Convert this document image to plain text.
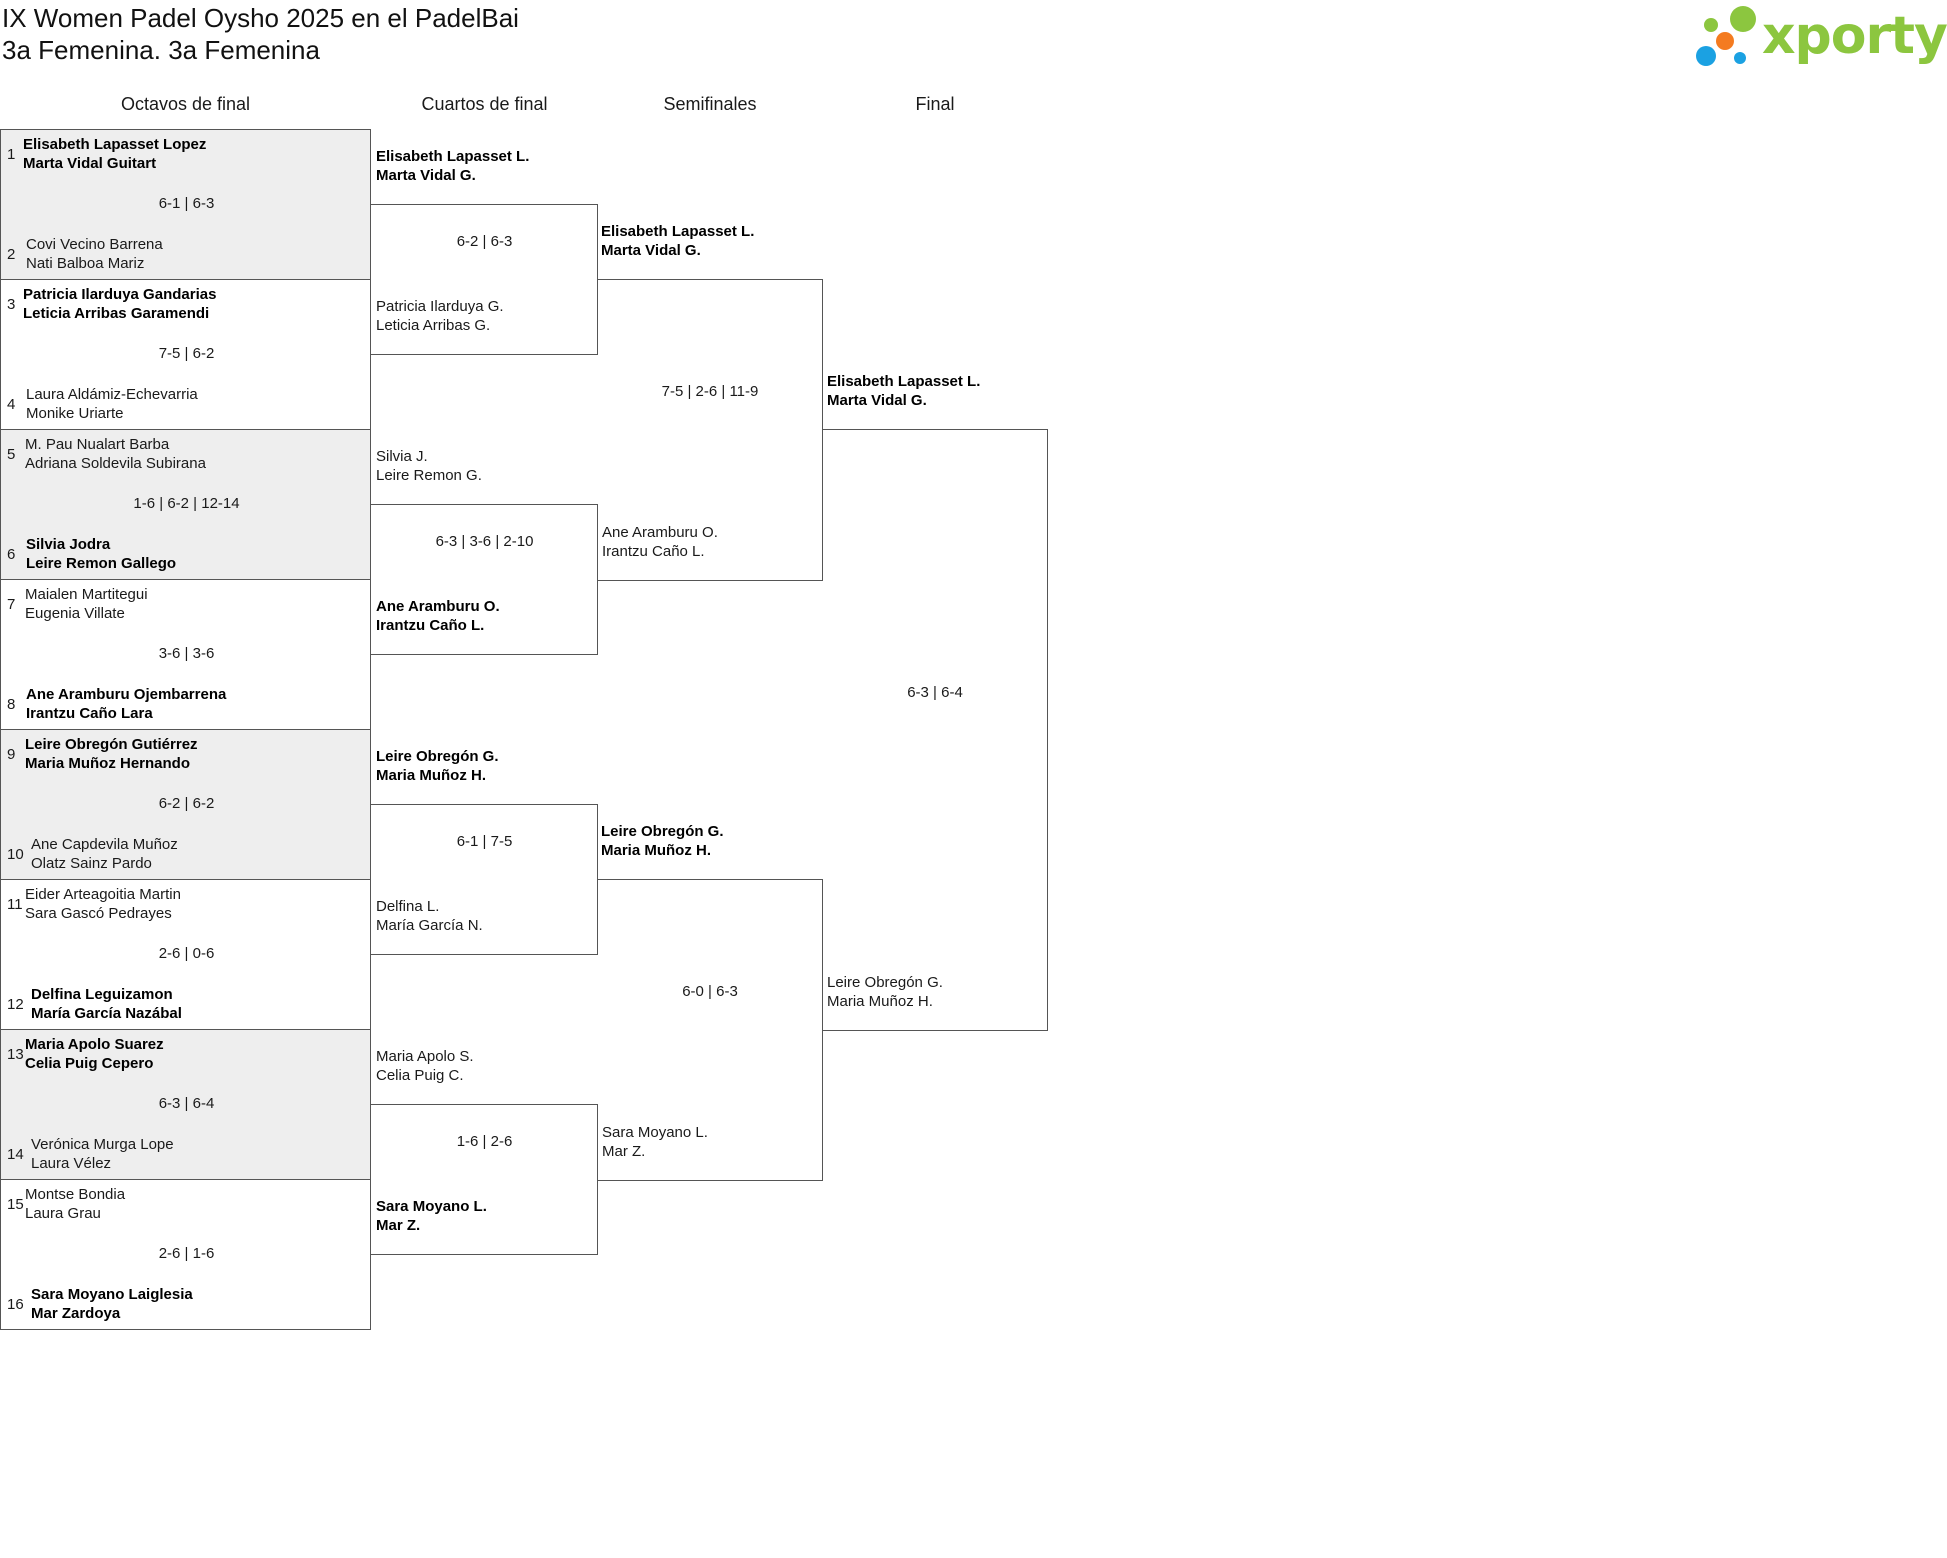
IX Women Padel Oysho 2025 en el PadelBai
3a Femenina. 3a Femenina	xporty
Octavos de final	Cuartos de final	Semifinales	Final
1
Elisabeth Lapasset Lopez
Marta Vidal Guitart
6-1 | 6-3
2
Covi Vecino Barrena
Nati Balboa Mariz
3
Patricia Ilarduya Gandarias
Leticia Arribas Garamendi
7-5 | 6-2
4
Laura Aldámiz-Echevarria
Monike Uriarte
5
M. Pau Nualart Barba
Adriana Soldevila Subirana
1-6 | 6-2 | 12-14
6
Silvia Jodra
Leire Remon Gallego
7
Maialen Martitegui
Eugenia Villate
3-6 | 3-6
8
Ane Aramburu Ojembarrena
Irantzu Caño Lara
9
Leire Obregón Gutiérrez
Maria Muñoz Hernando
6-2 | 6-2
10
Ane Capdevila Muñoz
Olatz Sainz Pardo
11
Eider Arteagoitia Martin
Sara Gascó Pedrayes
2-6 | 0-6
12
Delfina Leguizamon
María García Nazábal
13
Maria Apolo Suarez
Celia Puig Cepero
6-3 | 6-4
14
Verónica Murga Lope
Laura Vélez
15
Montse Bondia
Laura Grau
2-6 | 1-6
16
Sara Moyano Laiglesia
Mar Zardoya
Elisabeth Lapasset L.
Marta Vidal G.
6-2 | 6-3
Patricia Ilarduya G.
Leticia Arribas G.
Silvia J.
Leire Remon G.
6-3 | 3-6 | 2-10
Ane Aramburu O.
Irantzu Caño L.
Leire Obregón G.
Maria Muñoz H.
6-1 | 7-5
Delfina L.
María García N.
Maria Apolo S.
Celia Puig C.
1-6 | 2-6
Sara Moyano L.
Mar Z.
Elisabeth Lapasset L.
Marta Vidal G.
7-5 | 2-6 | 11-9
Ane Aramburu O.
Irantzu Caño L.
Leire Obregón G.
Maria Muñoz H.
6-0 | 6-3
Sara Moyano L.
Mar Z.
Elisabeth Lapasset L.
Marta Vidal G.
6-3 | 6-4
Leire Obregón G.
Maria Muñoz H.
